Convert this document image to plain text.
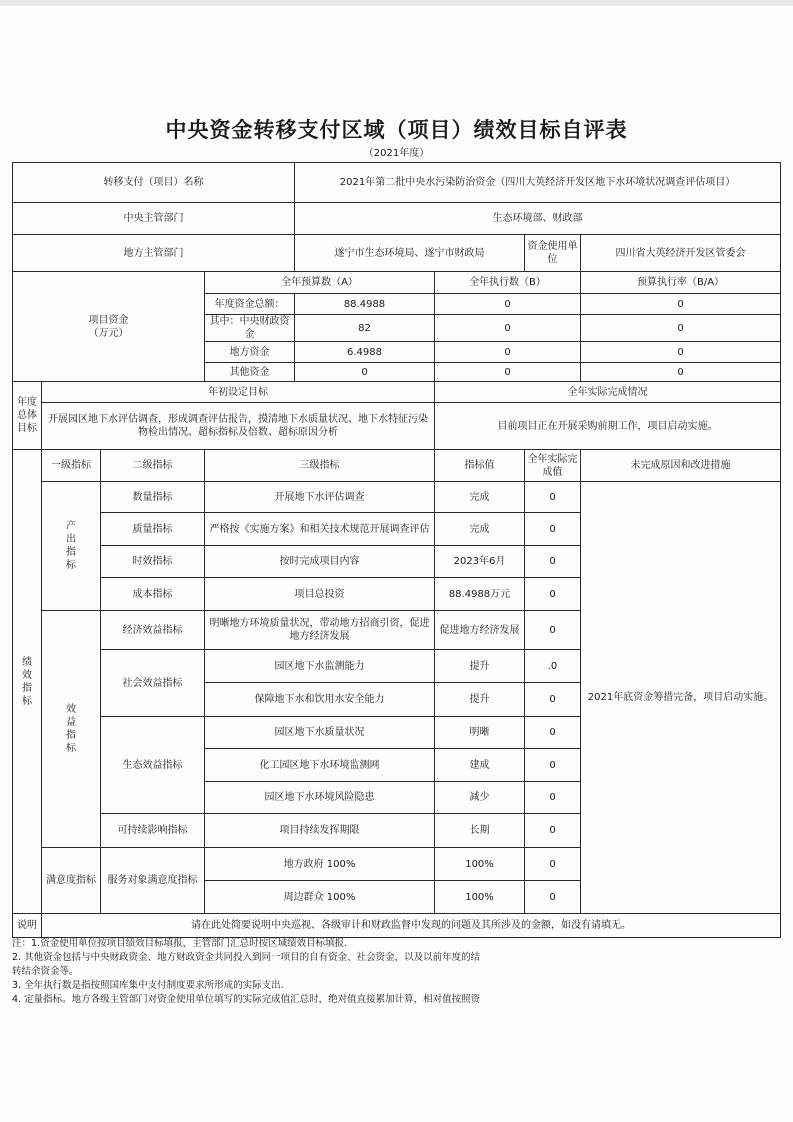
中央资金转移支付区域（项目）绩效目标自评表
（2021年度）
转移支付（项目）名称				2021年第二批中央水污染防治资金（四川大英经济开发区地下水环境状况调查评估项目）			
中央主管部门				生态环境部、财政部			
地方主管部门				遂宁市生态环境局、遂宁市财政局		资金使用单位	四川省大英经济开发区管委会

项目资金
（万元）			全年预算数（A）		全年执行数（B）		预算执行率（B/A）
			年度资金总额：	88.4988	0		0
			其中：中央财政资金	82	0		0
			地方资金	6.4988	0		0
			其他资金	0	0		0
年度总体目标	年初设定目标				全年实际完成情况		
	开展园区地下水评估调查，形成调查评估报告，摸清地下水质量状况、地下水特征污染物检出情况、超标指标及倍数、超标原因分析				目前项目正在开展采购前期工作，项目启动实施。		

绩效指标	一级指标	二级指标	三级指标		指标值	全年实际完成值	未完成原因和改进措施

	产出指标	数量指标	开展地下水评估调查		完成	0	2021年底资金筹措完备，项目启动实施。
		质量指标	严格按《实施方案》和相关技术规范开展调查评估		完成	0	
		时效指标	按时完成项目内容		2023年6月	0	
		成本指标	项目总投资		88.4988万元	0	

	效益指标	经济效益指标	明晰地方环境质量状况，带动地方招商引资，促进地方经济发展		促进地方经济发展	0	
		社会效益指标	园区地下水监测能力		提升	.0	
			保障地下水和饮用水安全能力		提升	0	
		生态效益指标	园区地下水质量状况		明晰	0	
			化工园区地下水环境监测网		建成	0	
			园区地下水环境风险隐患		减少	0	
		可持续影响指标	项目持续发挥期限		长期	0	
	满意度指标	服务对象满意度指标	地方政府 100%		100%	0	
			周边群众 100%		100%	0	
说明	请在此处简要说明中央巡视、各级审计和财政监督中发现的问题及其所涉及的金额，如没有请填无。						
注：1.资金使用单位按项目绩效目标填报，主管部门汇总时按区域绩效目标填报.
2. 其他资金包括与中央财政资金、地方财政资金共同投入到同一项目的自有资金、社会资金，以及以前年度的结
转结余资金等。
3. 全年执行数是指按照国库集中支付制度要求所形成的实际支出.
4. 定量指标。地方各级主管部门对资金使用单位填写的实际完成值汇总时，绝对值直接累加计算，相对值按照资
